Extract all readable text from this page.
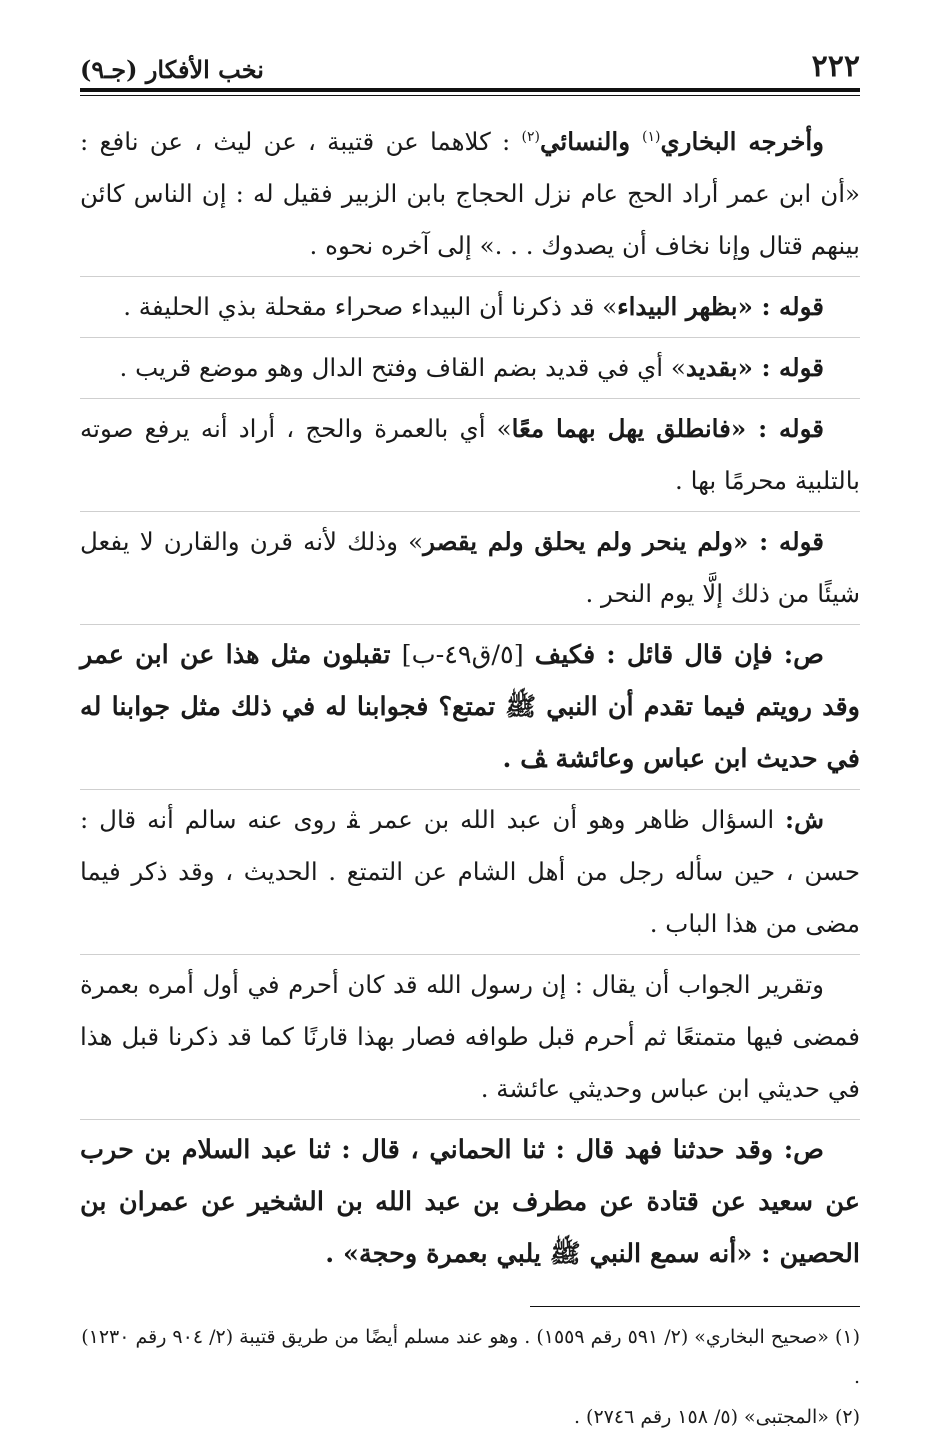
٢٢٢
نخب الأفكار (جـ٩)

وأخرجه البخاري$^{(١)}$ والنسائي$^{(٢)}$ : كلاهما عن قتيبة ، عن ليث ، عن نافع : «أن ابن عمر أراد الحج عام نزل الحجاج بابن الزبير فقيل له : إن الناس كائن بينهم قتال وإنا نخاف أن يصدوك . . .» إلى آخره نحوه .

قوله : «بظهر البيداء» قد ذكرنا أن البيداء صحراء مقحلة بذي الحليفة .

قوله : «بقديد» أي في قديد بضم القاف وفتح الدال وهو موضع قريب .

قوله : «فانطلق يهل بهما معًا» أي بالعمرة والحج ، أراد أنه يرفع صوته بالتلبية محرمًا بها .

قوله : «ولم ينحر ولم يحلق ولم يقصر» وذلك لأنه قرن والقارن لا يفعل شيئًا من ذلك إلَّا يوم النحر .

ص: فإن قال قائل : فكيف [٥/ق٤٩-ب] تقبلون مثل هذا عن ابن عمر وقد رويتم فيما تقدم أن النبي ﷺ تمتع؟ فجوابنا له في ذلك مثل جوابنا له في حديث ابن عباس وعائشة ﭫ .

ش: السؤال ظاهر وهو أن عبد الله بن عمر ﭭ روى عنه سالم أنه قال : حسن ، حين سأله رجل من أهل الشام عن التمتع . الحديث ، وقد ذكر فيما مضى من هذا الباب .

وتقرير الجواب أن يقال : إن رسول الله قد كان أحرم في أول أمره بعمرة فمضى فيها متمتعًا ثم أحرم قبل طوافه فصار بهذا قارنًا كما قد ذكرنا قبل هذا في حديثي ابن عباس وحديثي عائشة .

ص: وقد حدثنا فهد قال : ثنا الحماني ، قال : ثنا عبد السلام بن حرب عن سعيد عن قتادة عن مطرف بن عبد الله بن الشخير عن عمران بن الحصين : «أنه سمع النبي ﷺ يلبي بعمرة وحجة» .

(١) «صحيح البخاري» (٢/ ٥٩١ رقم ١٥٥٩) . وهو عند مسلم أيضًا من طريق قتيبة (٢/ ٩٠٤ رقم ١٢٣٠) .

(٢) «المجتبى» (٥/ ١٥٨ رقم ٢٧٤٦) .
